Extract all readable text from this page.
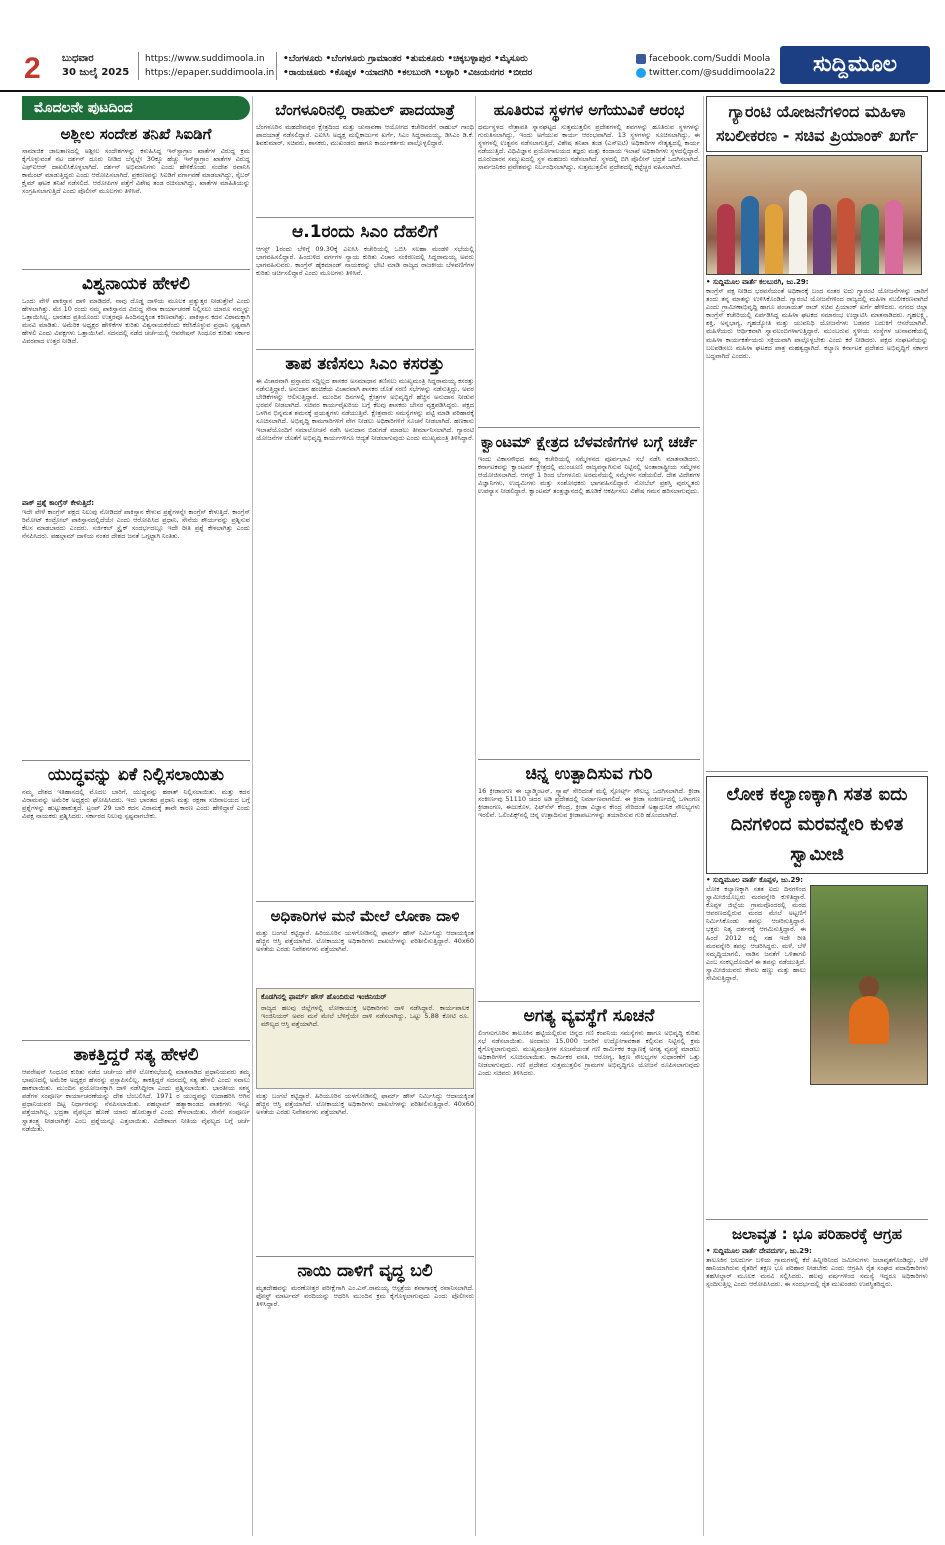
2 ಬುಧವಾರ
30 ಜುಲೈ 2025
https://www.suddimoola.in
https://epaper.suddimoola.in
•ಬೆಂಗಳೂರು •ಬೆಂಗಳೂರು ಗ್ರಾಮಾಂತರ •ತುಮಕೂರು •ಚಿಕ್ಕಬಳ್ಳಾಪುರ •ಮೈಸೂರು
•ರಾಯಚೂರು •ಕೊಪ್ಪಳ •ಯಾದಗಿರಿ •ಕಲಬುರಗಿ •ಬಳ್ಳಾರಿ •ವಿಜಯನಗರ •ಬೀದರ
facebook.com/Suddi Moola
twitter.com/@suddimoola22	ಸುದ್ದಿಮೂಲ
ಮೊದಲನೇ ಪುಟದಿಂದ
ಅಶ್ಲೀಲ ಸಂದೇಶ ತನಿಖೆ ಸಿಐಡಿಗೆ
ಸಾಮಾಜಿಕ ಜಾಲತಾಣದಲ್ಲಿ ಅಶ್ಲೀಲ ಸಂದೇಶಗಳನ್ನು ಕಳುಹಿಸಿದ್ದ ಇನ್‌ಸ್ಟಾಗ್ರಾಂ ಖಾತೆಗಳ ವಿರುದ್ಧ ಕ್ರಮ ಕೈಗೊಳ್ಳುವಂತೆ ನಟ ದರ್ಶನ್ ದೂರು ನೀಡಿದ ಬೆನ್ನಲ್ಲೇ 30ಕ್ಕೂ ಹೆಚ್ಚು ಇನ್‌ಸ್ಟಾಗ್ರಾಂ ಖಾತೆಗಳ ವಿರುದ್ಧ ಎಫ್‌ಐಆರ್ ದಾಖಲಿಸಿಕೊಳ್ಳಲಾಗಿದೆ. ದರ್ಶನ್ ಅಭಿಮಾನಿಗಳು ಎಂದು ಹೇಳಿಕೊಂಡು ಸಂದೇಶ ರವಾನಿಸಿ ಕಾಮೆಂಟ್ ಮಾಡುತ್ತಿದ್ದರು ಎಂದು ಆರೋಪಿಸಲಾಗಿದೆ. ಪ್ರಕರಣವನ್ನು ಸಿಐಡಿಗೆ ವರ್ಗಾವಣೆ ಮಾಡಲಾಗಿದ್ದು, ಸೈಬರ್ ಕ್ರೈಮ್ ಘಟಕ ತನಿಖೆ ನಡೆಸಲಿದೆ. ಆರೋಪಿಗಳ ಪತ್ತೆಗೆ ವಿಶೇಷ ತಂಡ ರಚಿಸಲಾಗಿದ್ದು, ಖಾತೆಗಳ ಮಾಹಿತಿಯನ್ನು ಸಂಗ್ರಹಿಸಲಾಗುತ್ತಿದೆ ಎಂದು ಪೊಲೀಸ್ ಮೂಲಗಳು ತಿಳಿಸಿವೆ.
ವಿಶ್ವನಾಯಕ ಹೇಳಲಿ
ಒಂದು ವೇಳೆ ಪಾಕಿಸ್ತಾನ ದಾಳಿ ಮಾಡಿದರೆ, ನಾವು ದೊಡ್ಡ ದಾಳಿಯ ಮೂಲಕ ಪ್ರತ್ಯುತ್ತರ ನೀಡುತ್ತೇವೆ ಎಂದು ಹೇಳಲಾಗಿತ್ತು. ಮೇ 10 ರಂದು ನಮ್ಮ ಪಾಕಿಸ್ತಾನದ ವಿರುದ್ಧ ಸೇನಾ ಕಾರ್ಯಾಚರಣೆ ನಿಲ್ಲಿಸಲು ಯಾರೂ ನಮ್ಮನ್ನು ಒತ್ತಾಯಿಸಿಲ್ಲ. ಭಾರತದ ಪ್ರತಿಯೊಂದು ಉತ್ತರವೂ ಹಿಂದಿನದ್ದಕ್ಕಿಂತ ಕಠಿಣವಾಗಿತ್ತು. ಪಾಕಿಸ್ತಾನ ಕದನ ವಿರಾಮಕ್ಕಾಗಿ ಮನವಿ ಮಾಡಿತು. ಅಮೆರಿಕ ಅಧ್ಯಕ್ಷರ ಹೇಳಿಕೆಗಳ ಕುರಿತು ವಿಶ್ವನಾಯಕರೆಂದು ಕರೆಸಿಕೊಳ್ಳುವ ಪ್ರಧಾನಿ ಸ್ಪಷ್ಟವಾಗಿ ಹೇಳಲಿ ಎಂದು ವಿಪಕ್ಷಗಳು ಒತ್ತಾಯಿಸಿವೆ. ಸದನದಲ್ಲಿ ನಡೆದ ಚರ್ಚೆಯಲ್ಲಿ ಆಪರೇಷನ್ ಸಿಂಧೂರ ಕುರಿತು ಸರ್ಕಾರ ವಿವರವಾದ ಉತ್ತರ ನೀಡಿದೆ.
ಪಾಕ್ ಪ್ರಶ್ನೆ ಕಾಂಗ್ರೆಸ್ ಕೇಳುತ್ತಿದೆ:
ಇದೇ ವೇಳೆ ಕಾಂಗ್ರೆಸ್ ಪಕ್ಷದ ನಿಲುವು ನೋಡಿದರೆ ಪಾಕಿಸ್ತಾನ ಕೇಳುವ ಪ್ರಶ್ನೆಗಳನ್ನೇ ಕಾಂಗ್ರೆಸ್ ಕೇಳುತ್ತಿದೆ. ಕಾಂಗ್ರೆಸ್ ರಿಮೋಟ್ ಕಂಟ್ರೋಲ್ ಪಾಕಿಸ್ತಾನದಲ್ಲಿದೆಯೇ ಎಂದು ಆರೋಪಿಸಿದ ಪ್ರಧಾನಿ, ಸೇನೆಯ ಶೌರ್ಯವನ್ನು ಪ್ರಶ್ನಿಸುವ ಕೆಲಸ ಮಾಡಬಾರದು ಎಂದರು. ಸರ್ಜಿಕಲ್ ಸ್ಟ್ರೈಕ್ ಸಂದರ್ಭದಲ್ಲೂ ಇದೇ ರೀತಿ ಪ್ರಶ್ನೆ ಕೇಳಲಾಗಿತ್ತು ಎಂದು ನೆನಪಿಸಿದರು. ಪಹಲ್ಗಾಮ್ ದಾಳಿಯ ನಂತರ ದೇಶದ ಜನತೆ ಒಗ್ಗಟ್ಟಾಗಿ ನಿಂತಿತು.
ಯುದ್ಧವನ್ನು ಏಕೆ ನಿಲ್ಲಿಸಲಾಯಿತು
ನಮ್ಮ ದೇಶದ ಇತಿಹಾಸದಲ್ಲಿ ಮೊದಲ ಬಾರಿಗೆ, ಯುದ್ಧವನ್ನು ಹಠಾತ್ ನಿಲ್ಲಿಸಲಾಯಿತು. ಮತ್ತು ಕದನ ವಿರಾಮವನ್ನು ಅಮೆರಿಕ ಅಧ್ಯಕ್ಷರು ಘೋಷಿಸಿದರು. ಇದು ಭಾರತದ ಪ್ರಧಾನಿ ಮತ್ತು ರಕ್ಷಣಾ ಸಚಿವಾಲಯದ ಬಗ್ಗೆ ಪ್ರಶ್ನೆಗಳನ್ನು ಹುಟ್ಟುಹಾಕುತ್ತದೆ. ಟ್ರಂಪ್ 29 ಬಾರಿ ಕದನ ವಿರಾಮಕ್ಕೆ ತಾವೇ ಕಾರಣ ಎಂದು ಹೇಳಿದ್ದಾರೆ ಎಂದು ವಿಪಕ್ಷ ನಾಯಕರು ಪ್ರಶ್ನಿಸಿದರು. ಸರ್ಕಾರದ ನಿಲುವು ಸ್ಪಷ್ಟವಾಗಬೇಕು.
ತಾಕತ್ತಿದ್ದರೆ ಸತ್ಯ ಹೇಳಲಿ
ಆಪರೇಷನ್ ಸಿಂಧೂರ ಕುರಿತು ನಡೆದ ಚರ್ಚೆಯ ವೇಳೆ ಲೋಕಸಭೆಯಲ್ಲಿ ಮಾತನಾಡಿದ ಪ್ರಧಾನಿಯವರು ತಮ್ಮ ಭಾಷಣದಲ್ಲಿ ಅಮೆರಿಕ ಅಧ್ಯಕ್ಷರ ಹೆಸರನ್ನು ಪ್ರಸ್ತಾಪಿಸಲಿಲ್ಲ. ತಾಕತ್ತಿದ್ದರೆ ಸದನದಲ್ಲಿ ಸತ್ಯ ಹೇಳಲಿ ಎಂದು ಸವಾಲು ಹಾಕಲಾಯಿತು. ಮುಂದಿನ ಪ್ರಯೋಜನಕ್ಕಾಗಿ ದಾಳಿ ನಡೆಸಿದ್ದೀರಾ ಎಂದು ಪ್ರಶ್ನಿಸಲಾಯಿತು. ಭಾರತೀಯ ಸಶಸ್ತ್ರ ಪಡೆಗಳ ಸಂಪೂರ್ಣ ಕಾರ್ಯಾಚರಣೆಯನ್ನು ದೇಶ ಬೆಂಬಲಿಸಿದೆ. 1971 ರ ಯುದ್ಧವನ್ನು ಉದಾಹರಿಸಿ ಆಗಿನ ಪ್ರಧಾನಿಯವರ ದಿಟ್ಟ ನಿರ್ಧಾರವನ್ನು ನೆನಪಿಸಲಾಯಿತು. ಪಹಲ್ಗಾಮ್ ಹತ್ಯಾಕಾಂಡದ ಪಾತಕಿಗಳು ಇನ್ನೂ ಪತ್ತೆಯಾಗಿಲ್ಲ. ಭದ್ರತಾ ವೈಫಲ್ಯದ ಹೊಣೆ ಯಾರು ಹೊರುತ್ತಾರೆ ಎಂದು ಕೇಳಲಾಯಿತು. ಸೇನೆಗೆ ಸಂಪೂರ್ಣ ಸ್ವಾತಂತ್ರ್ಯ ನೀಡಲಾಗಿತ್ತೇ ಎಂಬ ಪ್ರಶ್ನೆಯನ್ನೂ ಎತ್ತಲಾಯಿತು. ವಿದೇಶಾಂಗ ನೀತಿಯ ವೈಫಲ್ಯದ ಬಗ್ಗೆ ಚರ್ಚೆ ನಡೆಯಿತು.
ಬೆಂಗಳೂರಿನಲ್ಲಿ ರಾಹುಲ್ ಪಾದಯಾತ್ರೆ
ಬೆಂಗಳೂರಿನ ಮಹದೇವಪುರ ಕ್ಷೇತ್ರದಿಂದ ಮತ್ತು ಚುನಾವಣಾ ಆಯೋಗದ ಕಚೇರಿವರೆಗೆ ರಾಹುಲ್ ಗಾಂಧಿ ಪಾದಯಾತ್ರೆ ನಡೆಸಲಿದ್ದಾರೆ. ಎಐಸಿಸಿ ಅಧ್ಯಕ್ಷ ಮಲ್ಲಿಕಾರ್ಜುನ ಖರ್ಗೆ, ಸಿಎಂ ಸಿದ್ದರಾಮಯ್ಯ, ಡಿಸಿಎಂ ಡಿ.ಕೆ. ಶಿವಕುಮಾರ್, ಸಚಿವರು, ಶಾಸಕರು, ಮುಖಂಡರು ಹಾಗೂ ಕಾರ್ಯಕರ್ತರು ಪಾಲ್ಗೊಳ್ಳಲಿದ್ದಾರೆ.
ಆ.1ರಂದು ಸಿಎಂ ದೆಹಲಿಗೆ
ಆಗಸ್ಟ್ 1ರಂದು ಬೆಳಿಗ್ಗೆ 09.30ಕ್ಕೆ ಎಐಸಿಸಿ ಕಚೇರಿಯಲ್ಲಿ ಒಬಿಸಿ ಸಲಹಾ ಮಂಡಳಿ ಸಭೆಯಲ್ಲಿ ಭಾಗವಹಿಸಲಿದ್ದಾರೆ. ಹಿಂದುಳಿದ ವರ್ಗಗಳ ನ್ಯಾಯ ಕುರಿತು ವಿಚಾರ ಸಂಕಿರಣದಲ್ಲಿ ಸಿದ್ದರಾಮಯ್ಯ ಅವರು ಭಾಗವಹಿಸುವರು. ಕಾಂಗ್ರೆಸ್ ಹೈಕಮಾಂಡ್ ನಾಯಕರನ್ನು ಭೇಟಿ ಮಾಡಿ ರಾಜ್ಯದ ರಾಜಕೀಯ ಬೆಳವಣಿಗೆಗಳ ಕುರಿತು ಚರ್ಚಿಸಲಿದ್ದಾರೆ ಎಂದು ಮೂಲಗಳು ತಿಳಿಸಿವೆ.
ತಾಪ ತಣಿಸಲು ಸಿಎಂ ಕಸರತ್ತು
ಈ ವಿಚಾರವಾಗಿ ಪ್ರಸ್ತಾಪದ ಸದ್ದಿಲ್ಲದ ಶಾಸಕರ ಅಸಮಾಧಾನ ತಣಿಸಲು ಮುಖ್ಯಮಂತ್ರಿ ಸಿದ್ದರಾಮಯ್ಯ ಕಸರತ್ತು ನಡೆಸುತ್ತಿದ್ದಾರೆ. ಅನುದಾನ ಹಂಚಿಕೆಯ ವಿಚಾರವಾಗಿ ಶಾಸಕರ ಜೊತೆ ಸರಣಿ ಸಭೆಗಳನ್ನು ನಡೆಸುತ್ತಿದ್ದು, ಅವರ ಬೇಡಿಕೆಗಳನ್ನು ಆಲಿಸುತ್ತಿದ್ದಾರೆ. ಮುಂದಿನ ದಿನಗಳಲ್ಲಿ ಕ್ಷೇತ್ರಗಳ ಅಭಿವೃದ್ಧಿಗೆ ಹೆಚ್ಚಿನ ಅನುದಾನ ನೀಡುವ ಭರವಸೆ ನೀಡಲಾಗಿದೆ. ಸಚಿವರ ಕಾರ್ಯವೈಖರಿಯ ಬಗ್ಗೆ ಕೆಲವು ಶಾಸಕರು ಬೇಸರ ವ್ಯಕ್ತಪಡಿಸಿದ್ದರು. ಪಕ್ಷದ ಒಳಗಿನ ಭಿನ್ನಮತ ಶಮನಕ್ಕೆ ಪ್ರಯತ್ನಗಳು ನಡೆಯುತ್ತಿವೆ. ಕ್ಷೇತ್ರವಾರು ಸಮಸ್ಯೆಗಳನ್ನು ಪಟ್ಟಿ ಮಾಡಿ ಪರಿಹಾರಕ್ಕೆ ಸೂಚಿಸಲಾಗಿದೆ. ಅಭಿವೃದ್ಧಿ ಕಾಮಗಾರಿಗಳಿಗೆ ವೇಗ ನೀಡಲು ಅಧಿಕಾರಿಗಳಿಗೆ ಸೂಚನೆ ನೀಡಲಾಗಿದೆ. ಹಣಕಾಸು ಇಲಾಖೆಯೊಂದಿಗೆ ಸಮಾಲೋಚನೆ ನಡೆಸಿ ಅನುದಾನ ಬಿಡುಗಡೆ ಮಾಡಲು ತೀರ್ಮಾನಿಸಲಾಗಿದೆ. ಗ್ಯಾರಂಟಿ ಯೋಜನೆಗಳ ಜೊತೆಗೆ ಅಭಿವೃದ್ಧಿ ಕಾರ್ಯಗಳಿಗೂ ಆದ್ಯತೆ ನೀಡಲಾಗುವುದು ಎಂದು ಮುಖ್ಯಮಂತ್ರಿ ತಿಳಿಸಿದ್ದಾರೆ.
ಅಧಿಕಾರಿಗಳ ಮನೆ ಮೇಲೆ ಲೋಕಾ ದಾಳಿ
ಮತ್ತು ಬಂಗಲೆ ಕಟ್ಟಿದ್ದಾರೆ. ಹಿರಿಯೂರಿನ ಯಳಗೋಡಿನಲ್ಲಿ ಫಾರ್ಮ್ ಹೌಸ್ ನಿರ್ಮಿಸಿದ್ದು ಆದಾಯಕ್ಕಿಂತ ಹೆಚ್ಚಿನ ಆಸ್ತಿ ಪತ್ತೆಯಾಗಿದೆ. ಲೋಕಾಯುಕ್ತ ಅಧಿಕಾರಿಗಳು ದಾಖಲೆಗಳನ್ನು ಪರಿಶೀಲಿಸುತ್ತಿದ್ದಾರೆ. 40x60 ಅಳತೆಯ ಎರಡು ನಿವೇಶನಗಳು ಪತ್ತೆಯಾಗಿವೆ.
ಕೊಡಗಿನಲ್ಲಿ ಫಾರ್ಮ್ ಹೌಸ್ ಹೊಂದಿರುವ ಇಂಜಿನಿಯರ್
ರಾಜ್ಯದ ಹಲವು ಜಿಲ್ಲೆಗಳಲ್ಲಿ ಲೋಕಾಯುಕ್ತ ಅಧಿಕಾರಿಗಳು ದಾಳಿ ನಡೆಸಿದ್ದಾರೆ. ಕಾರ್ಯಪಾಲಕ ಇಂಜಿನಿಯರ್ ಅವರ ಮನೆ ಮೇಲೆ ಬೆಳಿಗ್ಗೆಯೇ ದಾಳಿ ನಡೆಸಲಾಗಿದ್ದು, ಒಟ್ಟು 5.88 ಕೋಟಿ ರೂ. ಮೌಲ್ಯದ ಆಸ್ತಿ ಪತ್ತೆಯಾಗಿದೆ.
ಮತ್ತು ಬಂಗಲೆ ಕಟ್ಟಿದ್ದಾರೆ. ಹಿರಿಯೂರಿನ ಯಳಗೋಡಿನಲ್ಲಿ ಫಾರ್ಮ್ ಹೌಸ್ ನಿರ್ಮಿಸಿದ್ದು ಆದಾಯಕ್ಕಿಂತ ಹೆಚ್ಚಿನ ಆಸ್ತಿ ಪತ್ತೆಯಾಗಿದೆ. ಲೋಕಾಯುಕ್ತ ಅಧಿಕಾರಿಗಳು ದಾಖಲೆಗಳನ್ನು ಪರಿಶೀಲಿಸುತ್ತಿದ್ದಾರೆ. 40x60 ಅಳತೆಯ ಎರಡು ನಿವೇಶನಗಳು ಪತ್ತೆಯಾಗಿವೆ.
ನಾಯಿ ದಾಳಿಗೆ ವೃದ್ಧ ಬಲಿ
ಮೃತದೇಹವನ್ನು ಮರಣೋತ್ತರ ಪರೀಕ್ಷೆಗಾಗಿ ಎಂ.ಎಸ್.ರಾಮಯ್ಯ ಆಸ್ಪತ್ರೆಯ ಶವಾಗಾರಕ್ಕೆ ರವಾನಿಸಲಾಗಿದೆ. ಪೋಸ್ಟ್ ಮಾರ್ಟಮ್ ವರದಿಯನ್ನು ಆಧರಿಸಿ ಮುಂದಿನ ಕ್ರಮ ಕೈಗೊಳ್ಳಲಾಗುವುದು ಎಂದು ಪೊಲೀಸರು ತಿಳಿಸಿದ್ದಾರೆ.
ಹೂತಿರುವ ಸ್ಥಳಗಳ ಅಗೆಯುವಿಕೆ ಆರಂಭ
ಧರ್ಮಸ್ಥಳದ ನೇತ್ರಾವತಿ ಸ್ನಾನಘಟ್ಟದ ಸುತ್ತಮುತ್ತಲಿನ ಪ್ರದೇಶಗಳಲ್ಲಿ ಶವಗಳನ್ನು ಹೂತಿರುವ ಸ್ಥಳಗಳನ್ನು ಗುರುತಿಸಲಾಗಿದ್ದು, ಇಂದು ಅಗೆಯುವ ಕಾರ್ಯ ಆರಂಭವಾಗಿದೆ. 13 ಸ್ಥಳಗಳನ್ನು ಸೂಚಿಸಲಾಗಿದ್ದು, ಈ ಸ್ಥಳಗಳಲ್ಲಿ ಉತ್ಖನನ ನಡೆಸಲಾಗುತ್ತಿದೆ. ವಿಶೇಷ ತನಿಖಾ ತಂಡ (ಎಸ್‌ಐಟಿ) ಅಧಿಕಾರಿಗಳ ನೇತೃತ್ವದಲ್ಲಿ ಕಾರ್ಯ ನಡೆಯುತ್ತಿದೆ. ವಿಧಿವಿಜ್ಞಾನ ಪ್ರಯೋಗಾಲಯದ ತಜ್ಞರು ಮತ್ತು ಕಂದಾಯ ಇಲಾಖೆ ಅಧಿಕಾರಿಗಳು ಸ್ಥಳದಲ್ಲಿದ್ದಾರೆ. ದೂರುದಾರನ ಸಮ್ಮುಖದಲ್ಲಿ ಸ್ಥಳ ಮಹಜರು ನಡೆಸಲಾಗಿದೆ. ಸ್ಥಳದಲ್ಲಿ ಬಿಗಿ ಪೊಲೀಸ್ ಭದ್ರತೆ ಒದಗಿಸಲಾಗಿದೆ. ಸಾರ್ವಜನಿಕರ ಪ್ರವೇಶವನ್ನು ನಿರ್ಬಂಧಿಸಲಾಗಿದ್ದು, ಸುತ್ತಮುತ್ತಲಿನ ಪ್ರದೇಶದಲ್ಲಿ ಕಟ್ಟೆಚ್ಚರ ವಹಿಸಲಾಗಿದೆ.
ಕ್ವಾಂಟಮ್ ಕ್ಷೇತ್ರದ ಬೆಳವಣಿಗೆಗಳ ಬಗ್ಗೆ ಚರ್ಚೆ
ಇಂದು ವಿಕಾಸಸೌಧದ ತಮ್ಮ ಕಚೇರಿಯಲ್ಲಿ ಸಮ್ಮೇಳನದ ಪೂರ್ವಭಾವಿ ಸಭೆ ನಡೆಸಿ ಮಾತನಾಡಿದರು. ಕರ್ನಾಟಕವನ್ನು ಕ್ವಾಂಟಮ್ ಕ್ಷೇತ್ರದಲ್ಲಿ ಮುಂಚೂಣಿ ರಾಜ್ಯವನ್ನಾಗಿಸುವ ನಿಟ್ಟಿನಲ್ಲಿ ಅಂತಾರಾಷ್ಟ್ರೀಯ ಸಮ್ಮೇಳನ ಆಯೋಜಿಸಲಾಗಿದೆ. ಆಗಸ್ಟ್ 1 ರಿಂದ ಬೆಂಗಳೂರು ಅರಮನೆಯಲ್ಲಿ ಸಮ್ಮೇಳನ ನಡೆಯಲಿದೆ. ದೇಶ ವಿದೇಶಗಳ ವಿಜ್ಞಾನಿಗಳು, ಉದ್ಯಮಿಗಳು ಮತ್ತು ಸಂಶೋಧಕರು ಭಾಗವಹಿಸಲಿದ್ದಾರೆ. ನೋಬೆಲ್ ಪ್ರಶಸ್ತಿ ಪುರಸ್ಕೃತರು ಉಪನ್ಯಾಸ ನೀಡಲಿದ್ದಾರೆ. ಕ್ವಾಂಟಮ್ ತಂತ್ರಜ್ಞಾನದಲ್ಲಿ ಹೂಡಿಕೆ ಆಕರ್ಷಿಸಲು ವಿಶೇಷ ಗಮನ ಹರಿಸಲಾಗುವುದು.
ಚಿನ್ನ ಉತ್ಪಾದಿಸುವ ಗುರಿ
16 ಕ್ರೀಡಾಂಗಣ ಈ ಬ್ಯಾಡ್ಮಿಂಟನ್, ಸ್ಕ್ವಾಷ್ ಸೇರಿದಂತೆ ಮಲ್ಟಿ ಸ್ಪೋರ್ಟ್ಸ್ ಸೌಲಭ್ಯ ಒದಗಿಸಲಾಗಿದೆ. ಕ್ರೀಡಾ ಸಂಕೀರ್ಣವು 51110 ಚದರ ಅಡಿ ಪ್ರದೇಶದಲ್ಲಿ ನಿರ್ಮಾಣವಾಗಲಿದೆ. ಈ ಕ್ರೀಡಾ ಸಂಕೀರ್ಣದಲ್ಲಿ ಒಳಾಂಗಣ ಕ್ರೀಡಾಂಗಣ, ಈಜುಕೊಳ, ಫಿಟ್‌ನೆಸ್ ಕೇಂದ್ರ, ಕ್ರೀಡಾ ವಿಜ್ಞಾನ ಕೇಂದ್ರ ಸೇರಿದಂತೆ ಅತ್ಯಾಧುನಿಕ ಸೌಲಭ್ಯಗಳು ಇರಲಿವೆ. ಒಲಿಂಪಿಕ್ಸ್‌ನಲ್ಲಿ ಚಿನ್ನ ಉತ್ಪಾದಿಸುವ ಕ್ರೀಡಾಪಟುಗಳನ್ನು ತಯಾರಿಸುವ ಗುರಿ ಹೊಂದಲಾಗಿದೆ.
ಅಗತ್ಯ ವ್ಯವಸ್ಥೆಗೆ ಸೂಚನೆ
ಲಿಂಗಸುಗೂರಿನ ತಾಲೂಕಿನ ಹಟ್ಟಿಯಲ್ಲಿರುವ ಚಿನ್ನದ ಗಣಿ ಕಂಪನಿಯ ಸಮಸ್ಯೆಗಳು ಹಾಗೂ ಅಭಿವೃದ್ಧಿ ಕುರಿತು ಸಭೆ ನಡೆಸಲಾಯಿತು. ಅಂದಾಜು 15,000 ಜನರಿಗೆ ಉದ್ಯೋಗಾವಕಾಶ ಕಲ್ಪಿಸುವ ನಿಟ್ಟಿನಲ್ಲಿ ಕ್ರಮ ಕೈಗೊಳ್ಳಲಾಗುವುದು. ಮುಖ್ಯಮಂತ್ರಿಗಳ ಸೂಚನೆಯಂತೆ ಗಣಿ ಕಾರ್ಮಿಕರ ಕಲ್ಯಾಣಕ್ಕೆ ಅಗತ್ಯ ವ್ಯವಸ್ಥೆ ಮಾಡಲು ಅಧಿಕಾರಿಗಳಿಗೆ ಸೂಚಿಸಲಾಯಿತು. ಕಾರ್ಮಿಕರ ವಸತಿ, ಆರೋಗ್ಯ, ಶಿಕ್ಷಣ ಸೌಲಭ್ಯಗಳ ಸುಧಾರಣೆಗೆ ಒತ್ತು ನೀಡಲಾಗುವುದು. ಗಣಿ ಪ್ರದೇಶದ ಸುತ್ತಮುತ್ತಲಿನ ಗ್ರಾಮಗಳ ಅಭಿವೃದ್ಧಿಗೂ ಯೋಜನೆ ರೂಪಿಸಲಾಗುವುದು ಎಂದು ಸಚಿವರು ತಿಳಿಸಿದರು.
ಗ್ಯಾರಂಟಿ ಯೋಜನೆಗಳಿಂದ ಮಹಿಳಾ ಸಬಲೀಕರಣ - ಸಚಿವ ಪ್ರಿಯಾಂಕ್ ಖರ್ಗೆ
• ಸುದ್ದಿಮೂಲ ವಾರ್ತೆ ಕಲಬುರಗಿ, ಜು.29:
ಕಾಂಗ್ರೆಸ್ ಪಕ್ಷ ನೀಡಿದ ಭರವಸೆಯಂತೆ ಅಧಿಕಾರಕ್ಕೆ ಬಂದ ನಂತರ ಐದು ಗ್ಯಾರಂಟಿ ಯೋಜನೆಗಳನ್ನು ಜಾರಿಗೆ ತಂದು ತನ್ನ ಮಾತನ್ನು ಉಳಿಸಿಕೊಂಡಿದೆ. ಗ್ಯಾರಂಟಿ ಯೋಜನೆಗಳಿಂದ ರಾಜ್ಯದಲ್ಲಿ ಮಹಿಳಾ ಸಬಲೀಕರಣವಾಗಿದೆ ಎಂದು ಗ್ರಾಮೀಣಾಭಿವೃದ್ಧಿ ಹಾಗೂ ಪಂಚಾಯತ್ ರಾಜ್ ಸಚಿವ ಪ್ರಿಯಾಂಕ್ ಖರ್ಗೆ ಹೇಳಿದರು. ನಗರದ ಜಿಲ್ಲಾ ಕಾಂಗ್ರೆಸ್ ಕಚೇರಿಯಲ್ಲಿ ಏರ್ಪಡಿಸಿದ್ದ ಮಹಿಳಾ ಘಟಕದ ಸಮಾರಂಭ ಉದ್ಘಾಟಿಸಿ ಮಾತನಾಡಿದರು. ಗೃಹಲಕ್ಷ್ಮಿ, ಶಕ್ತಿ, ಅನ್ನಭಾಗ್ಯ, ಗೃಹಜ್ಯೋತಿ ಮತ್ತು ಯುವನಿಧಿ ಯೋಜನೆಗಳು ಬಡವರ ಬದುಕಿಗೆ ಆಸರೆಯಾಗಿವೆ. ಮಹಿಳೆಯರು ಆರ್ಥಿಕವಾಗಿ ಸ್ವಾವಲಂಬಿಗಳಾಗುತ್ತಿದ್ದಾರೆ. ಮುಂಬರುವ ಸ್ಥಳೀಯ ಸಂಸ್ಥೆಗಳ ಚುನಾವಣೆಯಲ್ಲಿ ಮಹಿಳಾ ಕಾರ್ಯಕರ್ತೆಯರು ಸಕ್ರಿಯವಾಗಿ ಪಾಲ್ಗೊಳ್ಳಬೇಕು ಎಂದು ಕರೆ ನೀಡಿದರು. ಪಕ್ಷದ ಸಂಘಟನೆಯನ್ನು ಬಲಪಡಿಸಲು ಮಹಿಳಾ ಘಟಕದ ಪಾತ್ರ ಮಹತ್ವದ್ದಾಗಿದೆ. ಕಲ್ಯಾಣ ಕರ್ನಾಟಕ ಪ್ರದೇಶದ ಅಭಿವೃದ್ಧಿಗೆ ಸರ್ಕಾರ ಬದ್ಧವಾಗಿದೆ ಎಂದರು.
ಲೋಕ ಕಲ್ಯಾಣಕ್ಕಾಗಿ ಸತತ ಐದು ದಿನಗಳಿಂದ ಮರವನ್ನೇರಿ ಕುಳಿತ ಸ್ವಾಮೀಜಿ
• ಸುದ್ದಿಮೂಲ ವಾರ್ತೆ ಕೊಪ್ಪಳ, ಜು.29:
ಲೋಕ ಕಲ್ಯಾಣಕ್ಕಾಗಿ ಸತತ ಐದು ದಿನಗಳಿಂದ ಸ್ವಾಮೀಜಿಯೊಬ್ಬರು ಮರವನ್ನೇರಿ ಕುಳಿತಿದ್ದಾರೆ. ಕೊಪ್ಪಳ ಜಿಲ್ಲೆಯ ಗ್ರಾಮವೊಂದರಲ್ಲಿ ಮಠದ ಆವರಣದಲ್ಲಿರುವ ಮರದ ಮೇಲೆ ಅಟ್ಟಣಿಗೆ ನಿರ್ಮಿಸಿಕೊಂಡು ತಪಸ್ಸು ಆಚರಿಸುತ್ತಿದ್ದಾರೆ. ಭಕ್ತರು ನಿತ್ಯ ದರ್ಶನಕ್ಕೆ ಆಗಮಿಸುತ್ತಿದ್ದಾರೆ. ಈ ಹಿಂದೆ 2012 ರಲ್ಲಿ ಸಹ ಇದೇ ರೀತಿ ಮರವನ್ನೇರಿ ತಪಸ್ಸು ಆಚರಿಸಿದ್ದರು. ಮಳೆ, ಬೆಳೆ ಸಮೃದ್ಧಿಯಾಗಲಿ, ನಾಡಿನ ಜನತೆಗೆ ಒಳಿತಾಗಲಿ ಎಂಬ ಸಂಕಲ್ಪದೊಂದಿಗೆ ಈ ತಪಸ್ಸು ನಡೆಯುತ್ತಿದೆ. ಸ್ವಾಮೀಜಿಯವರು ಕೇವಲ ಹಣ್ಣು ಮತ್ತು ಹಾಲು ಸೇವಿಸುತ್ತಿದ್ದಾರೆ.
ಜಲಾವೃತ : ಭೂ ಪರಿಹಾರಕ್ಕೆ ಆಗ್ರಹ
• ಸುದ್ದಿಮೂಲ ವಾರ್ತೆ ದೇವದುರ್ಗ, ಜು.29:
ತಾಲೂಕಿನ ಜಲದುರ್ಗ ಬಳಿಯ ಗ್ರಾಮಗಳಲ್ಲಿ ಕೆರೆ ಹಿನ್ನೀರಿನಿಂದ ಜಮೀನುಗಳು ಜಲಾವೃತಗೊಂಡಿದ್ದು, ಬೆಳೆ ಹಾನಿಯಾಗಿರುವ ರೈತರಿಗೆ ತಕ್ಷಣ ಭೂ ಪರಿಹಾರ ನೀಡಬೇಕು ಎಂದು ಆಗ್ರಹಿಸಿ ರೈತ ಸಂಘದ ಪದಾಧಿಕಾರಿಗಳು ತಹಸೀಲ್ದಾರ್ ಮೂಲಕ ಮನವಿ ಸಲ್ಲಿಸಿದರು. ಹಲವು ವರ್ಷಗಳಿಂದ ಸಮಸ್ಯೆ ಇದ್ದರೂ ಅಧಿಕಾರಿಗಳು ಸ್ಪಂದಿಸುತ್ತಿಲ್ಲ ಎಂದು ಆರೋಪಿಸಿದರು. ಈ ಸಂದರ್ಭದಲ್ಲಿ ರೈತ ಮುಖಂಡರು ಉಪಸ್ಥಿತರಿದ್ದರು.
